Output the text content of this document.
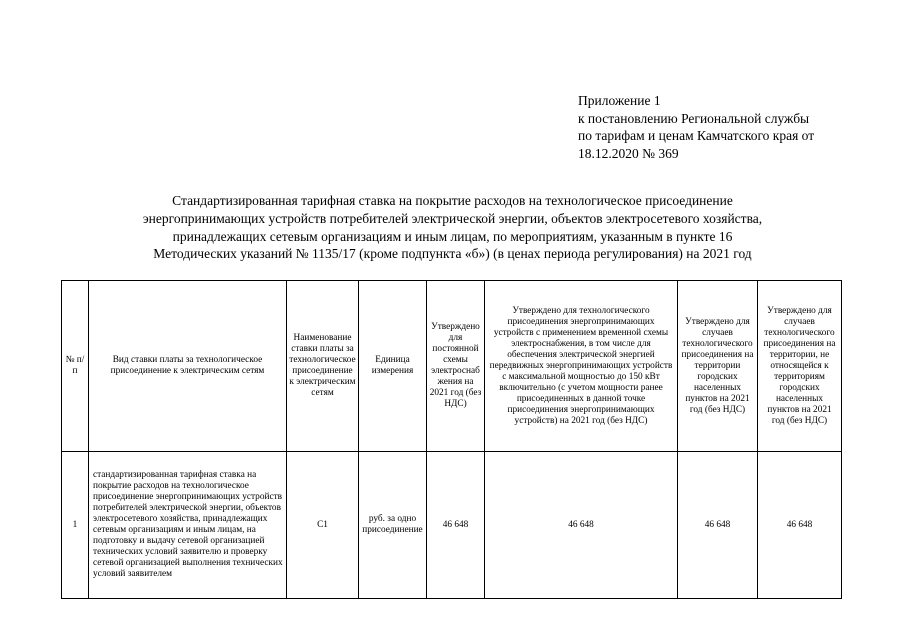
Приложение 1
к постановлению Региональной службы
по тарифам и ценам Камчатского края от
18.12.2020 № 369
Стандартизированная тарифная ставка на покрытие расходов на технологическое присоединение
энергопринимающих устройств потребителей электрической энергии, объектов электросетевого хозяйства,
принадлежащих сетевым организациям и иным лицам, по мероприятиям, указанным в пункте 16
Методических указаний № 1135/17 (кроме подпункта «б») (в ценах периода регулирования) на 2021 год
№ п/п	Вид ставки платы за технологическое присоединение к электрическим сетям	Наименование ставки платы за технологическое присоединение к электрическим сетям	Единица измерения	Утверждено для постоянной схемы электроснабжения на 2021 год (без НДС)	Утверждено для технологического присоединения энергопринимающих устройств с применением временной схемы электроснабжения, в том числе для обеспечения электрической энергией передвижных энергопринимающих устройств с максимальной мощностью до 150 кВт включительно (с учетом мощности ранее присоединенных в данной точке присоединения энергопринимающих устройств) на 2021 год (без НДС)	Утверждено для случаев технологического присоединения на территории городских населенных пунктов на 2021 год (без НДС)	Утверждено для случаев технологического присоединения на территории, не относящейся к территориям городских населенных пунктов на 2021 год (без НДС)
1	стандартизированная тарифная ставка на покрытие расходов на технологическое присоединение энергопринимающих устройств потребителей электрической энергии, объектов электросетевого хозяйства, принадлежащих сетевым организациям и иным лицам, на подготовку и выдачу сетевой организацией технических условий заявителю и проверку сетевой организацией выполнения технических условий заявителем	С1	руб. за одно присоединение	46 648	46 648	46 648	46 648
